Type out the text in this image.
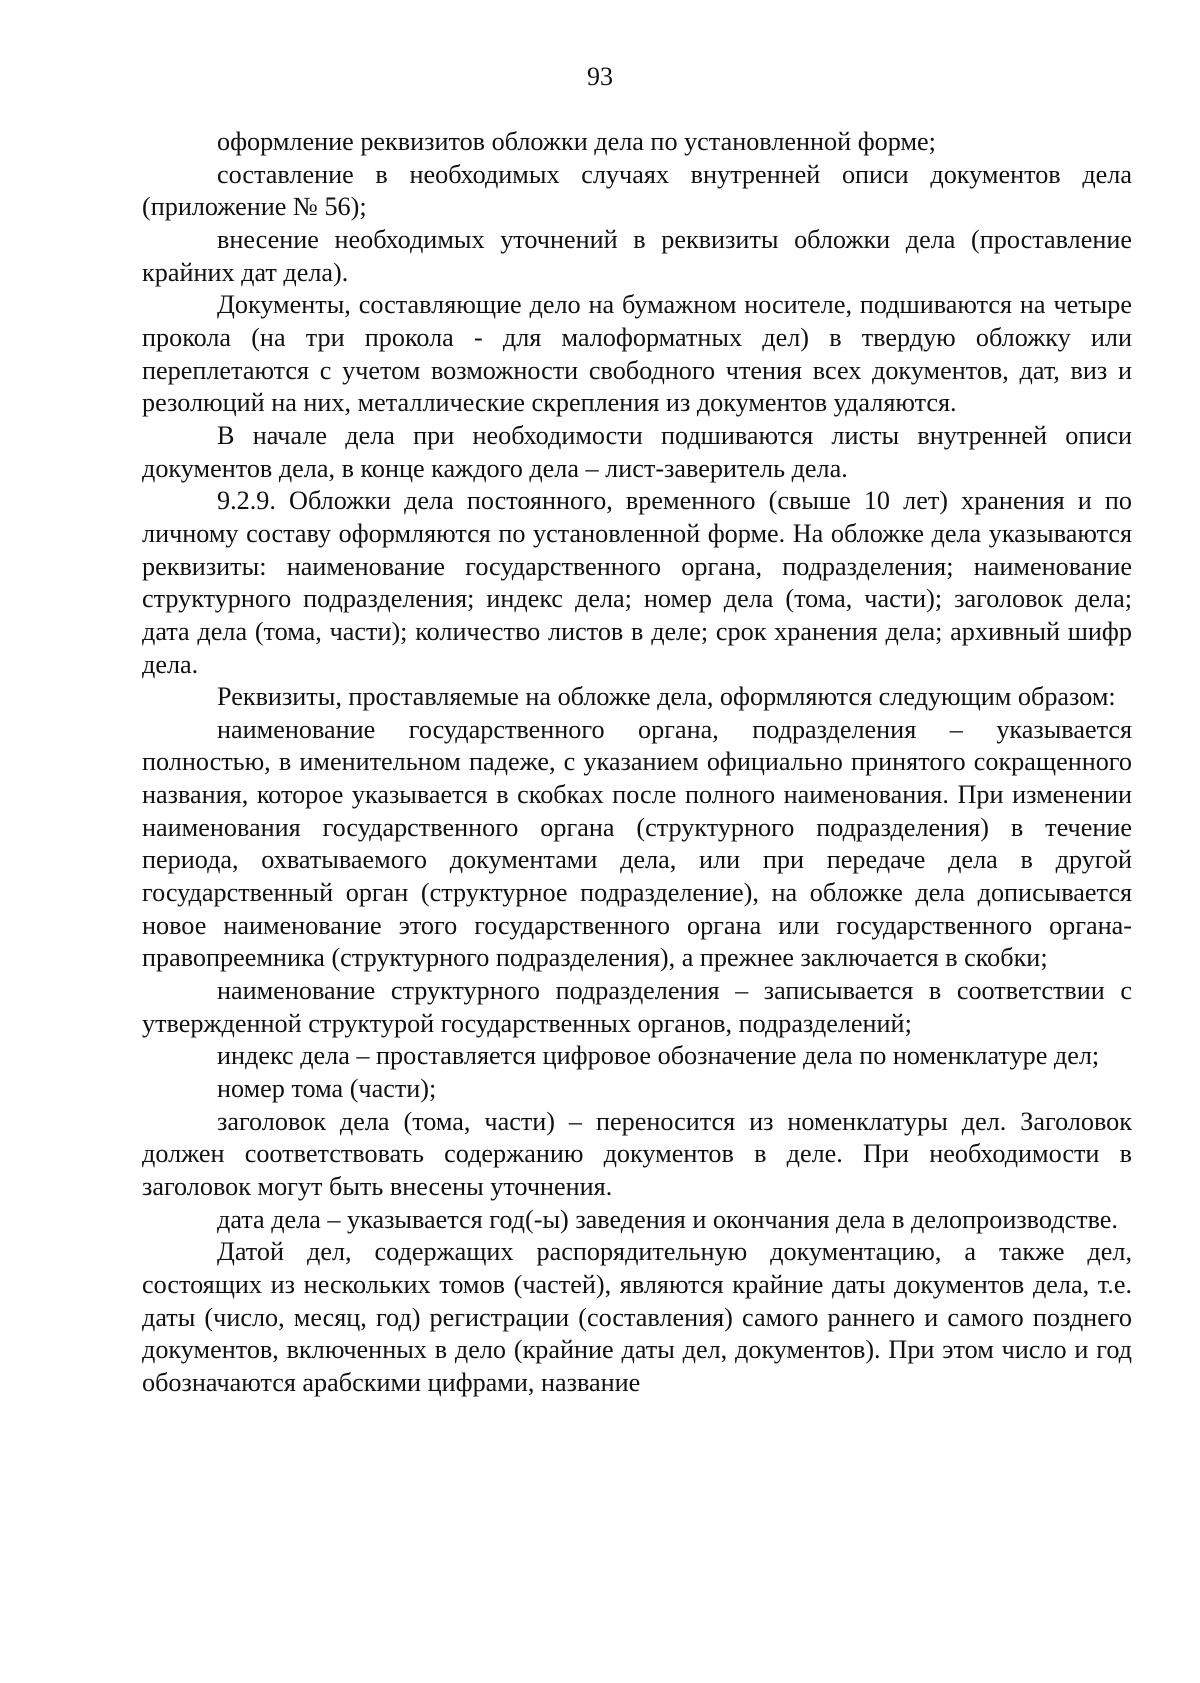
93

оформление реквизитов обложки дела по установленной форме;

составление в необходимых случаях внутренней описи документов дела (приложение № 56);

внесение необходимых уточнений в реквизиты обложки дела (проставление крайних дат дела).

Документы, составляющие дело на бумажном носителе, подшиваются на четыре прокола (на три прокола - для малоформатных дел) в твердую обложку или переплетаются с учетом возможности свободного чтения всех документов, дат, виз и резолюций на них, металлические скрепления из документов удаляются.

В начале дела при необходимости подшиваются листы внутренней описи документов дела, в конце каждого дела – лист-заверитель дела.

9.2.9. Обложки дела постоянного, временного (свыше 10 лет) хранения и по личному составу оформляются по установленной форме. На обложке дела указываются реквизиты: наименование государственного органа, подразделения; наименование структурного подразделения; индекс дела; номер дела (тома, части); заголовок дела; дата дела (тома, части); количество листов в деле; срок хранения дела; архивный шифр дела.

Реквизиты, проставляемые на обложке дела, оформляются следующим образом:

наименование государственного органа, подразделения – указывается полностью, в именительном падеже, с указанием официально принятого сокращенного названия, которое указывается в скобках после полного наименования. При изменении наименования государственного органа (структурного подразделения) в течение периода, охватываемого документами дела, или при передаче дела в другой государственный орган (структурное подразделение), на обложке дела дописывается новое наименование этого государственного органа или государственного органа-правопреемника (структурного подразделения), а прежнее заключается в скобки;

наименование структурного подразделения – записывается в соответствии с утвержденной структурой государственных органов, подразделений;

индекс дела – проставляется цифровое обозначение дела по номенклатуре дел;

номер тома (части);

заголовок дела (тома, части) – переносится из номенклатуры дел. Заголовок должен соответствовать содержанию документов в деле. При необходимости в заголовок могут быть внесены уточнения.

дата дела – указывается год(-ы) заведения и окончания дела в делопроизводстве.

Датой дел, содержащих распорядительную документацию, а также дел, состоящих из нескольких томов (частей), являются крайние даты документов дела, т.е. даты (число, месяц, год) регистрации (составления) самого раннего и самого позднего документов, включенных в дело (крайние даты дел, документов). При этом число и год обозначаются арабскими цифрами, название
